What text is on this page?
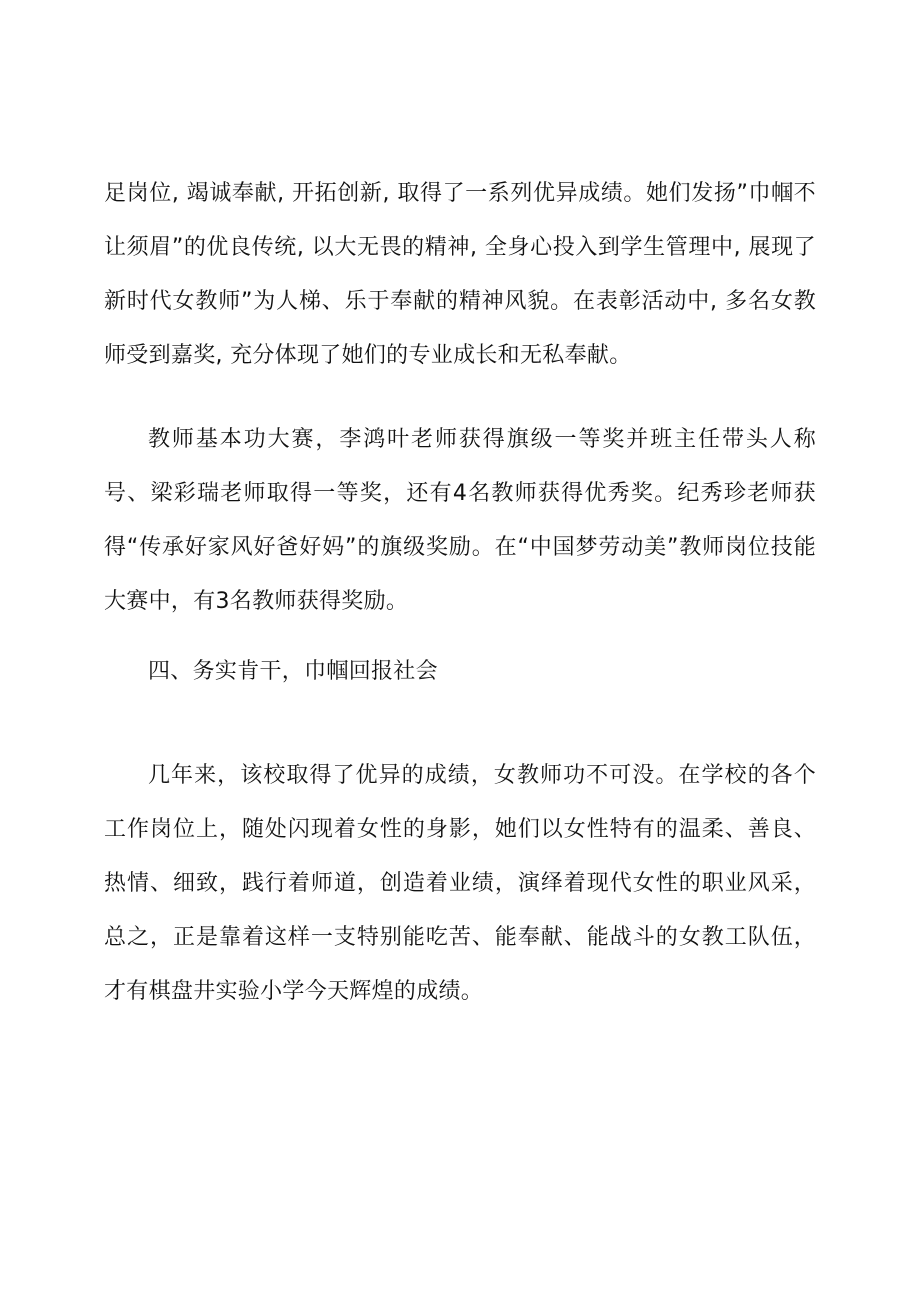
足岗位, 竭诚奉献, 开拓创新, 取得了一系列优异成绩。她们发扬”巾帼不让须眉”的优良传统, 以大无畏的精神, 全身心投入到学生管理中, 展现了新时代女教师”为人梯、乐于奉献的精神风貌。在表彰活动中, 多名女教师受到嘉奖, 充分体现了她们的专业成长和无私奉献。

教师基本功大赛，李鸿叶老师获得旗级一等奖并班主任带头人称号、梁彩瑞老师取得一等奖，还有4名教师获得优秀奖。纪秀珍老师获得“传承好家风好爸好妈”的旗级奖励。在“中国梦劳动美”教师岗位技能大赛中，有3名教师获得奖励。

四、务实肯干，巾帼回报社会

几年来，该校取得了优异的成绩，女教师功不可没。在学校的各个工作岗位上，随处闪现着女性的身影，她们以女性特有的温柔、善良、热情、细致，践行着师道，创造着业绩，演绎着现代女性的职业风采，总之，正是靠着这样一支特别能吃苦、能奉献、能战斗的女教工队伍，才有棋盘井实验小学今天辉煌的成绩。
